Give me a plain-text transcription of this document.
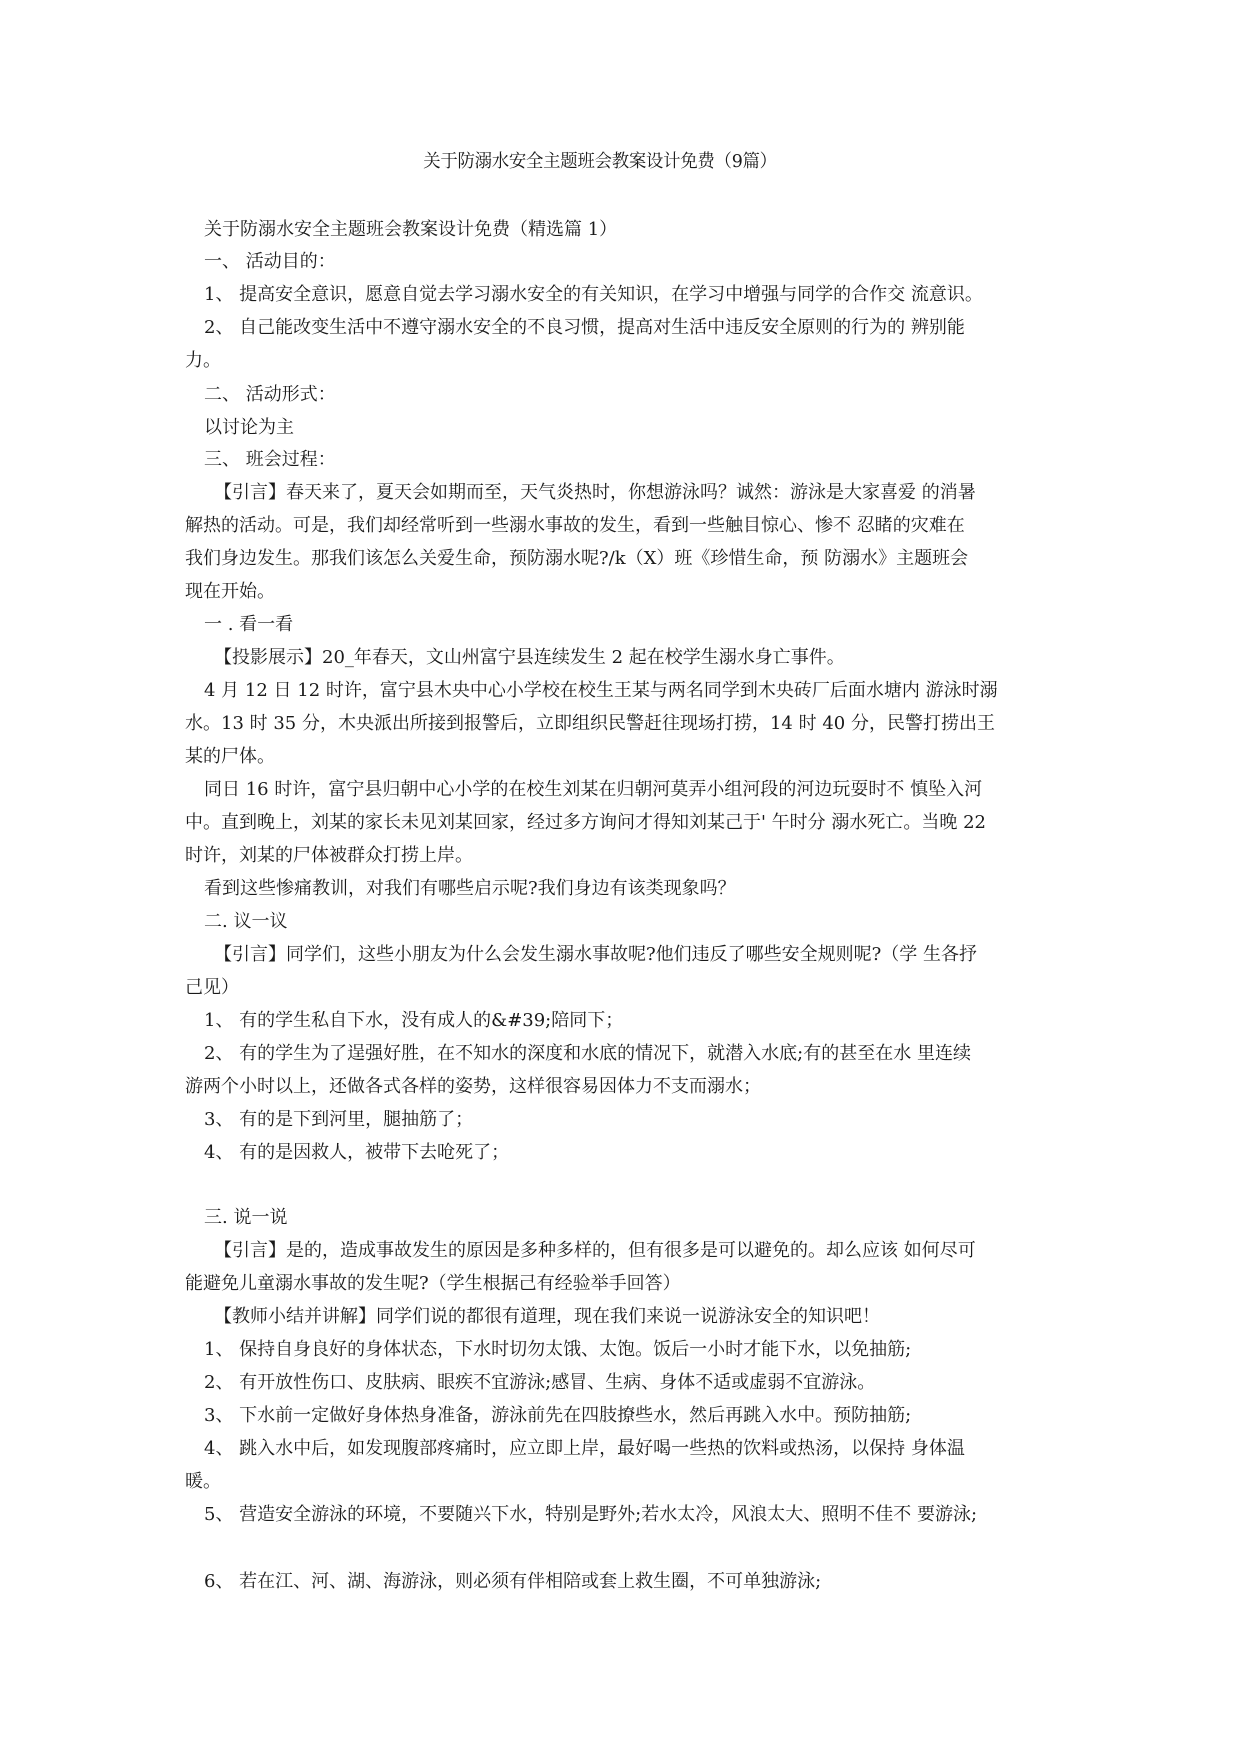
关于防溺水安全主题班会教案设计免费（9篇）
关于防溺水安全主题班会教案设计免费（精选篇 1）
一、 活动目的：
1、 提高安全意识，愿意自觉去学习溺水安全的有关知识，在学习中增强与同学的合作交 流意识。
2、 自己能改变生活中不遵守溺水安全的不良习惯，提高对生活中违反安全原则的行为的 辨别能
力。
二、 活动形式：
以讨论为主
三、 班会过程：
【引言】春天来了，夏天会如期而至，天气炎热时，你想游泳吗？诚然：游泳是大家喜爱 的消暑
解热的活动。可是，我们却经常听到一些溺水事故的发生，看到一些触目惊心、惨不 忍睹的灾难在
我们身边发生。那我们该怎么关爱生命，预防溺水呢?/k（X）班《珍惜生命，预 防溺水》主题班会
现在开始。
一 . 看一看
【投影展示】20_年春天，文山州富宁县连续发生 2 起在校学生溺水身亡事件。
4 月 12 日 12 时许，富宁县木央中心小学校在校生王某与两名同学到木央砖厂后面水塘内 游泳时溺
水。13 时 35 分，木央派出所接到报警后，立即组织民警赶往现场打捞，14 时 40 分，民警打捞出王
某的尸体。
同日 16 时许，富宁县归朝中心小学的在校生刘某在归朝河莫弄小组河段的河边玩耍时不 慎坠入河
中。直到晚上，刘某的家长未见刘某回家，经过多方询问才得知刘某己于' 午时分 溺水死亡。当晚 22
时许，刘某的尸体被群众打捞上岸。
看到这些惨痛教训，对我们有哪些启示呢?我们身边有该类现象吗？
二. 议一议
【引言】同学们，这些小朋友为什么会发生溺水事故呢?他们违反了哪些安全规则呢?（学 生各抒
己见）
1、 有的学生私自下水，没有成人的&#39;陪同下；
2、 有的学生为了逞强好胜，在不知水的深度和水底的情况下，就潜入水底;有的甚至在水 里连续
游两个小时以上，还做各式各样的姿势，这样很容易因体力不支而溺水；
3、 有的是下到河里，腿抽筋了；
4、 有的是因救人，被带下去呛死了；
三. 说一说
【引言】是的，造成事故发生的原因是多种多样的，但有很多是可以避免的。却么应该 如何尽可
能避免儿童溺水事故的发生呢?（学生根据己有经验举手回答）
【教师小结并讲解】同学们说的都很有道理，现在我们来说一说游泳安全的知识吧！
1、 保持自身良好的身体状态，下水时切勿太饿、太饱。饭后一小时才能下水，以免抽筋;
2、 有开放性伤口、皮肤病、眼疾不宜游泳;感冒、生病、身体不适或虚弱不宜游泳。
3、 下水前一定做好身体热身准备，游泳前先在四肢撩些水，然后再跳入水中。预防抽筋;
4、 跳入水中后，如发现腹部疼痛时，应立即上岸，最好喝一些热的饮料或热汤，以保持 身体温
暖。
5、 营造安全游泳的环境，不要随兴下水，特别是野外;若水太冷，风浪太大、照明不佳不 要游泳;
6、 若在江、河、湖、海游泳，则必须有伴相陪或套上救生圈，不可单独游泳;
